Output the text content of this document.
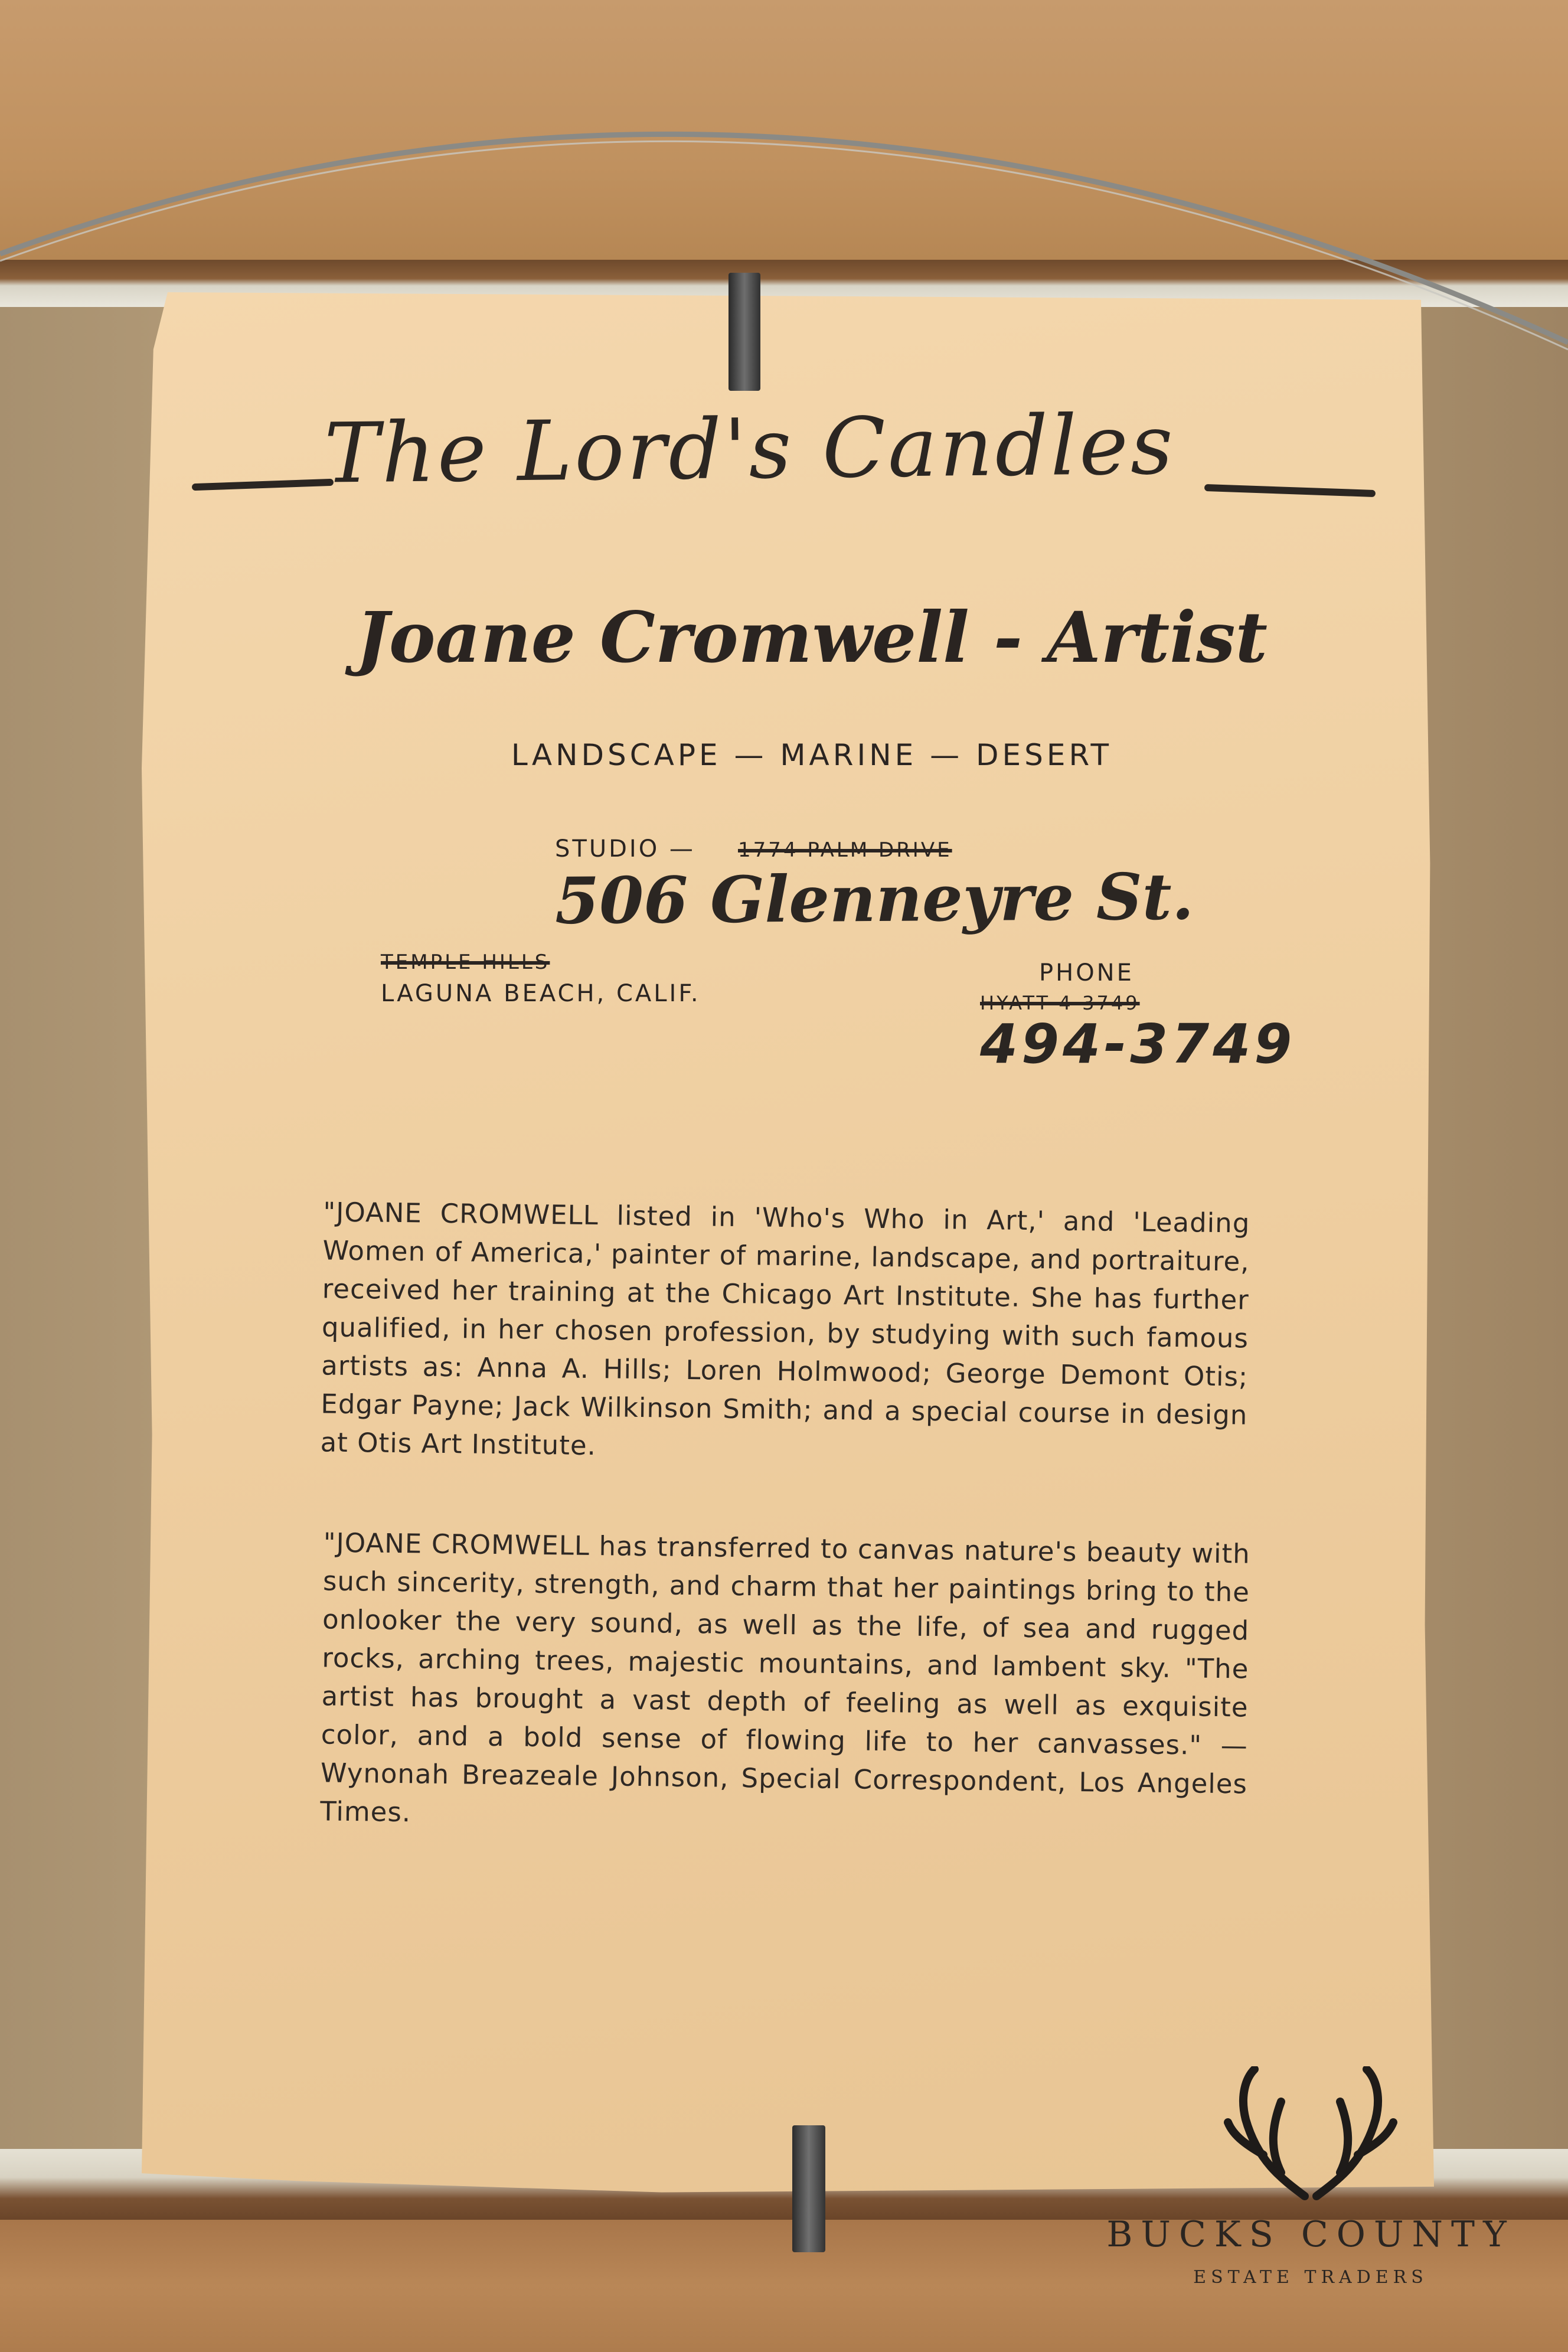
The Lord's Candles
Joane Cromwell - Artist
LANDSCAPE — MARINE — DESERT
STUDIO — 1774 PALM DRIVE
506 Glenneyre St.
TEMPLE HILLS
LAGUNA BEACH, CALIF.
PHONE
HYATT 4-3749
494-3749
"JOANE CROMWELL listed in 'Who's Who in Art,' and 'Leading Women of America,' painter of marine, landscape, and portraiture, received her training at the Chicago Art Institute. She has further qualified, in her chosen profession, by studying with such famous artists as: Anna A. Hills; Loren Holmwood; George Demont Otis; Edgar Payne; Jack Wilkinson Smith; and a special course in design at Otis Art Institute.
"JOANE CROMWELL has transferred to canvas nature's beauty with such sincerity, strength, and charm that her paintings bring to the onlooker the very sound, as well as the life, of sea and rugged rocks, arching trees, majestic mountains, and lambent sky. "The artist has brought a vast depth of feeling as well as exquisite color, and a bold sense of flowing life to her canvasses." — Wynonah Breazeale Johnson, Special Correspondent, Los Angeles Times.
BUCKS COUNTY
ESTATE TRADERS
